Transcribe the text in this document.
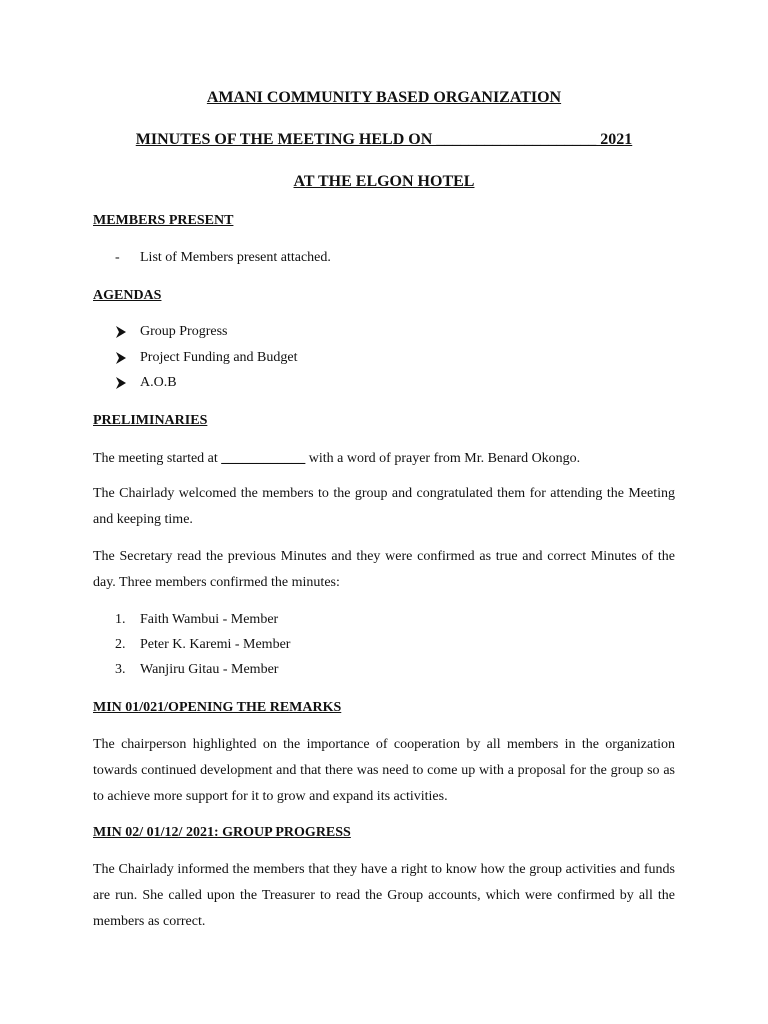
AMANI COMMUNITY BASED ORGANIZATION
MINUTES OF THE MEETING HELD ON ____________________ 2021
AT THE ELGON HOTEL
MEMBERS PRESENT
- List of Members present attached.
AGENDAS
Group Progress
Project Funding and Budget
A.O.B
PRELIMINARIES
The meeting started at ____________ with a word of prayer from Mr. Benard Okongo.
The Chairlady welcomed the members to the group and congratulated them for attending the Meeting and keeping time.
The Secretary read the previous Minutes and they were confirmed as true and correct Minutes of the day. Three members confirmed the minutes:
1. Faith Wambui - Member
2. Peter K. Karemi - Member
3. Wanjiru Gitau - Member
MIN 01/021/OPENING THE REMARKS
The chairperson highlighted on the importance of cooperation by all members in the organization towards continued development and that there was need to come up with a proposal for the group so as to achieve more support for it to grow and expand its activities.
MIN 02/ 01/12/ 2021: GROUP PROGRESS
The Chairlady informed the members that they have a right to know how the group activities and funds are run. She called upon the Treasurer to read the Group accounts, which were confirmed by all the members as correct.
